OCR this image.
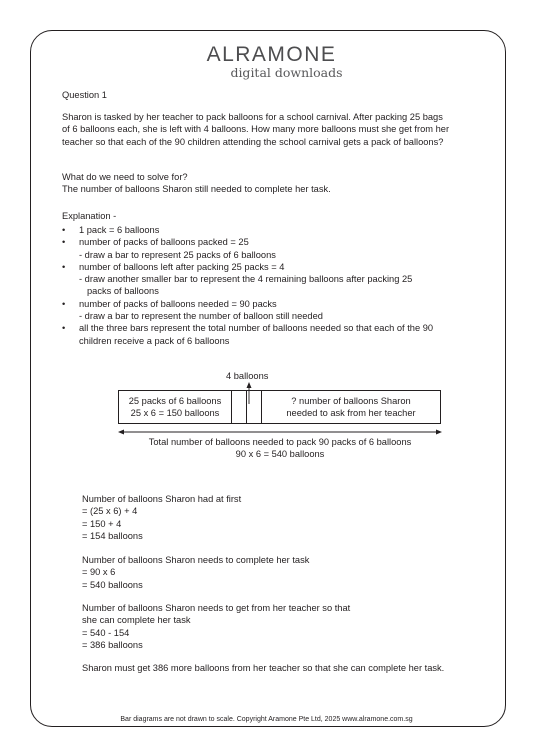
ALRAMONE
digital downloads
Question 1
Sharon is tasked by her teacher to pack balloons for a school carnival. After packing 25 bags
of 6 balloons each, she is left with 4 balloons. How many more balloons must she get from her
teacher so that each of the 90 children attending the school carnival gets a pack of balloons?
What do we need to solve for?
The number of balloons Sharon still needed to complete her task.
Explanation -
• 1 pack = 6 balloons
• number of packs of balloons packed = 25
- draw a bar to represent 25 packs of 6 balloons
• number of balloons left after packing 25 packs = 4
- draw another smaller bar to represent the 4 remaining balloons after packing 25
packs of balloons
• number of packs of balloons needed = 90 packs
- draw a bar to represent the number of balloon still needed
• all the three bars represent the total number of balloons needed so that each of the 90
children receive a pack of 6 balloons
4 balloons
25 packs of 6 balloons
25 x 6 = 150 balloons
? number of balloons Sharon
needed to ask from her teacher
Total number of balloons needed to pack 90 packs of 6 balloons
90 x 6 = 540 balloons
Number of balloons Sharon had at first
= (25 x 6) + 4
= 150 + 4
= 154 balloons
Number of balloons Sharon needs to complete her task
= 90 x 6
= 540 balloons
Number of balloons Sharon needs to get from her teacher so that
she can complete her task
= 540 - 154
= 386 balloons
Sharon must get 386 more balloons from her teacher so that she can complete her task.
Bar diagrams are not drawn to scale. Copyright Aramone Pte Ltd, 2025 www.alramone.com.sg
